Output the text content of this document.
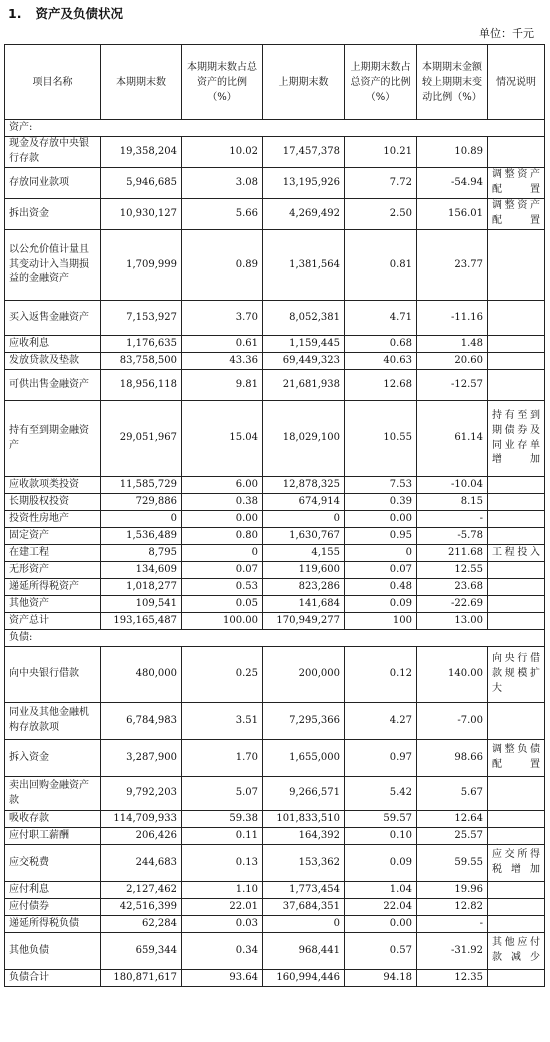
1. 资产及负债状况
单位：千元
项目名称	本期期末数	本期期末数占总资产的比例（%）	上期期末数	上期期末数占总资产的比例（%）	本期期末金额较上期期末变动比例（%）	情况说明
资产:						
现金及存放中央银行存款	19,358,204	10.02	17,457,378	10.21	10.89	
存放同业款项	5,946,685	3.08	13,195,926	7.72	-54.94	调整资产配置
拆出资金	10,930,127	5.66	4,269,492	2.50	156.01	调整资产配置
以公允价值计量且其变动计入当期损益的金融资产	1,709,999	0.89	1,381,564	0.81	23.77	
买入返售金融资产	7,153,927	3.70	8,052,381	4.71	-11.16	
应收利息	1,176,635	0.61	1,159,445	0.68	1.48	
发放贷款及垫款	83,758,500	43.36	69,449,323	40.63	20.60	
可供出售金融资产	18,956,118	9.81	21,681,938	12.68	-12.57	
持有至到期金融资产	29,051,967	15.04	18,029,100	10.55	61.14	持有至到期债券及同业存单增加
应收款项类投资	11,585,729	6.00	12,878,325	7.53	-10.04	
长期股权投资	729,886	0.38	674,914	0.39	8.15	
投资性房地产	0	0.00	0	0.00	-	
固定资产	1,536,489	0.80	1,630,767	0.95	-5.78	
在建工程	8,795	0	4,155	0	211.68	工程投入
无形资产	134,609	0.07	119,600	0.07	12.55	
递延所得税资产	1,018,277	0.53	823,286	0.48	23.68	
其他资产	109,541	0.05	141,684	0.09	-22.69	
资产总计	193,165,487	100.00	170,949,277	100	13.00	
负债:						
向中央银行借款	480,000	0.25	200,000	0.12	140.00	向央行借款规模扩大
同业及其他金融机构存放款项	6,784,983	3.51	7,295,366	4.27	-7.00	
拆入资金	3,287,900	1.70	1,655,000	0.97	98.66	调整负债配置
卖出回购金融资产款	9,792,203	5.07	9,266,571	5.42	5.67	
吸收存款	114,709,933	59.38	101,833,510	59.57	12.64	
应付职工薪酬	206,426	0.11	164,392	0.10	25.57	
应交税费	244,683	0.13	153,362	0.09	59.55	应交所得税增加
应付利息	2,127,462	1.10	1,773,454	1.04	19.96	
应付债券	42,516,399	22.01	37,684,351	22.04	12.82	
递延所得税负债	62,284	0.03	0	0.00	-	
其他负债	659,344	0.34	968,441	0.57	-31.92	其他应付款减少
负债合计	180,871,617	93.64	160,994,446	94.18	12.35	
